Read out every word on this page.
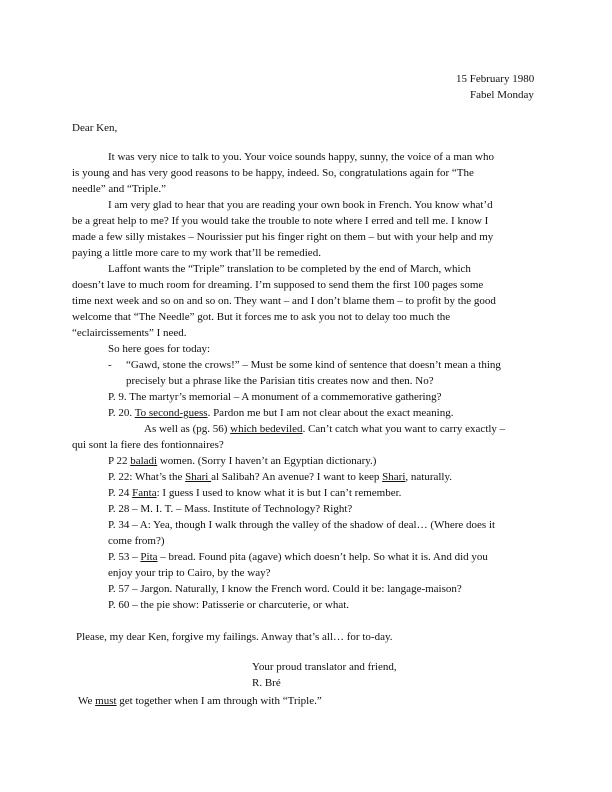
15 February 1980
Fabel Monday
Dear Ken,
It was very nice to talk to you. Your voice sounds happy, sunny, the voice of a man who
is young and has very good reasons to be happy, indeed. So, congratulations again for “The
needle” and “Triple.”
I am very glad to hear that you are reading your own book in French. You know what’d
be a great help to me? If you would take the trouble to note where I erred and tell me. I know I
made a few silly mistakes – Nourissier put his finger right on them – but with your help and my
paying a little more care to my work that’ll be remedied.
Laffont wants the “Triple” translation to be completed by the end of March, which
doesn’t lave to much room for dreaming. I’m supposed to send them the first 100 pages some
time next week and so on and so on. They want – and I don’t blame them – to profit by the good
welcome that “The Needle” got. But it forces me to ask you not to delay too much the
“eclaircissements” I need.
So here goes for today:
- “Gawd, stone the crows!” – Must be some kind of sentence that doesn’t mean a thing
precisely but a phrase like the Parisian titis creates now and then. No?
P. 9. The martyr’s memorial – A monument of a commemorative gathering?
P. 20. To second-guess. Pardon me but I am not clear about the exact meaning.
As well as (pg. 56) which bedeviled. Can’t catch what you want to carry exactly –
qui sont la fiere des fontionnaires?
P 22 baladi women. (Sorry I haven’t an Egyptian dictionary.)
P. 22: What’s the Shari al Salibah? An avenue? I want to keep Shari, naturally.
P. 24 Fanta: I guess I used to know what it is but I can’t remember.
P. 28 – M. I. T. – Mass. Institute of Technology? Right?
P. 34 – A: Yea, though I walk through the valley of the shadow of deal… (Where does it
come from?)
P. 53 – Pita – bread. Found pita (agave) which doesn’t help. So what it is. And did you
enjoy your trip to Cairo, by the way?
P. 57 – Jargon. Naturally, I know the French word. Could it be: langage-maison?
P. 60 – the pie show: Patisserie or charcuterie, or what.
Please, my dear Ken, forgive my failings. Anway that’s all… for to-day.
Your proud translator and friend,
R. Bré
We must get together when I am through with “Triple.”
